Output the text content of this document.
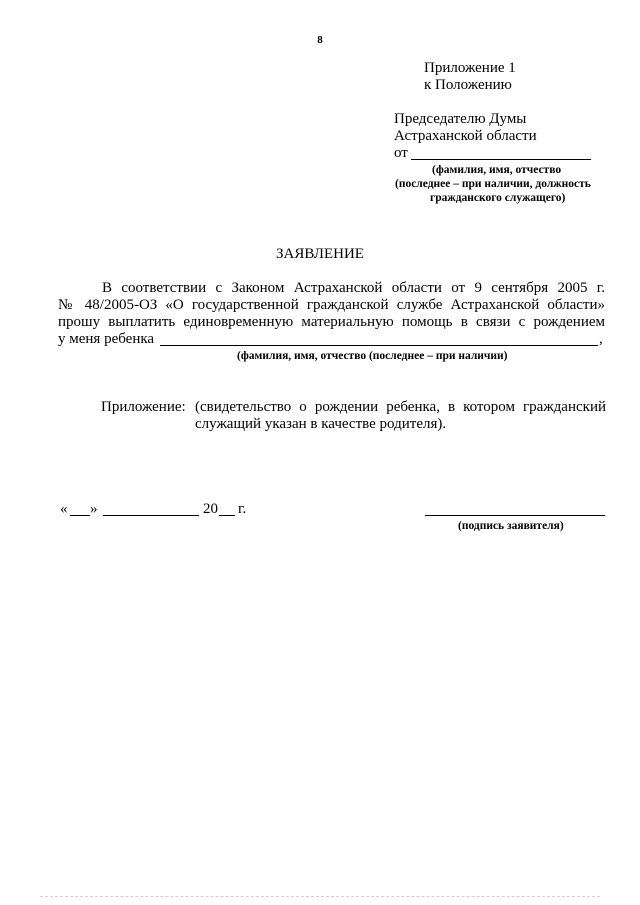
8
Приложение 1
к Положению
Председателю Думы
Астраханской области
от
(фамилия, имя, отчество
(последнее – при наличии, должность
гражданского служащего)
ЗАЯВЛЕНИЕ
В соответствии с Законом Астраханской области от 9 сентября 2005 г.
№ 48/2005-ОЗ «О государственной гражданской службе Астраханской области»
прошу выплатить единовременную материальную помощь в связи с рождением
у меня ребенка	,
(фамилия, имя, отчество (последнее – при наличии)
Приложение: (свидетельство о рождении ребенка, в котором гражданский
служащий указан в качестве родителя).
« »	20 г.
(подпись заявителя)
